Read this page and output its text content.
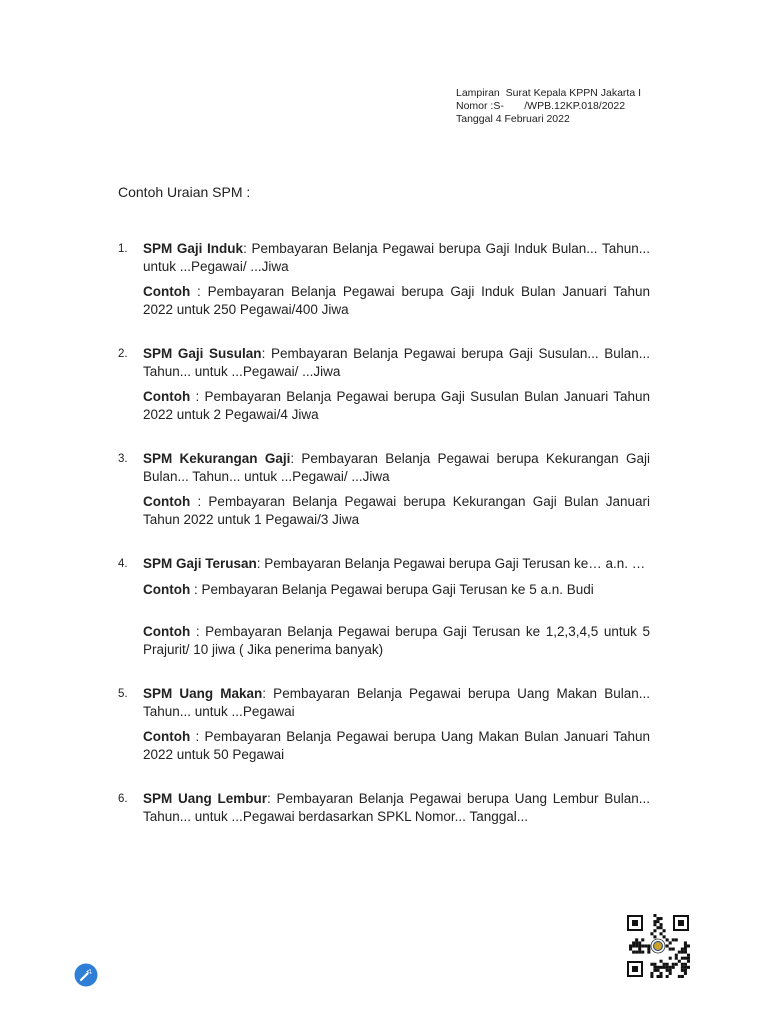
Lampiran  Surat Kepala KPPN Jakarta I
Nomor :S-       /WPB.12KP.018/2022
Tanggal 4 Februari 2022
Contoh Uraian SPM :
1.	SPM Gaji Induk: Pembayaran Belanja Pegawai berupa Gaji Induk Bulan... Tahun... untuk ...Pegawai/ ...Jiwa
Contoh : Pembayaran Belanja Pegawai berupa Gaji Induk Bulan Januari Tahun 2022 untuk 250 Pegawai/400 Jiwa
2.	SPM Gaji Susulan: Pembayaran Belanja Pegawai berupa Gaji Susulan... Bulan... Tahun... untuk ...Pegawai/ ...Jiwa
Contoh : Pembayaran Belanja Pegawai berupa Gaji Susulan Bulan Januari Tahun 2022 untuk 2 Pegawai/4 Jiwa
3.	SPM Kekurangan Gaji: Pembayaran Belanja Pegawai berupa Kekurangan Gaji Bulan... Tahun... untuk ...Pegawai/ ...Jiwa
Contoh : Pembayaran Belanja Pegawai berupa Kekurangan Gaji Bulan Januari Tahun 2022 untuk 1 Pegawai/3 Jiwa
4.	SPM Gaji Terusan: Pembayaran Belanja Pegawai berupa Gaji Terusan ke… a.n. …
Contoh : Pembayaran Belanja Pegawai berupa Gaji Terusan ke 5 a.n. Budi
Contoh : Pembayaran Belanja Pegawai berupa Gaji Terusan ke 1,2,3,4,5 untuk 5 Prajurit/ 10 jiwa ( Jika penerima banyak)
5.	SPM Uang Makan: Pembayaran Belanja Pegawai berupa Uang Makan Bulan... Tahun... untuk ...Pegawai
Contoh : Pembayaran Belanja Pegawai berupa Uang Makan Bulan Januari Tahun 2022 untuk 50 Pegawai
6.	SPM Uang Lembur: Pembayaran Belanja Pegawai berupa Uang Lembur Bulan... Tahun... untuk ...Pegawai berdasarkan SPKL Nomor... Tanggal...
